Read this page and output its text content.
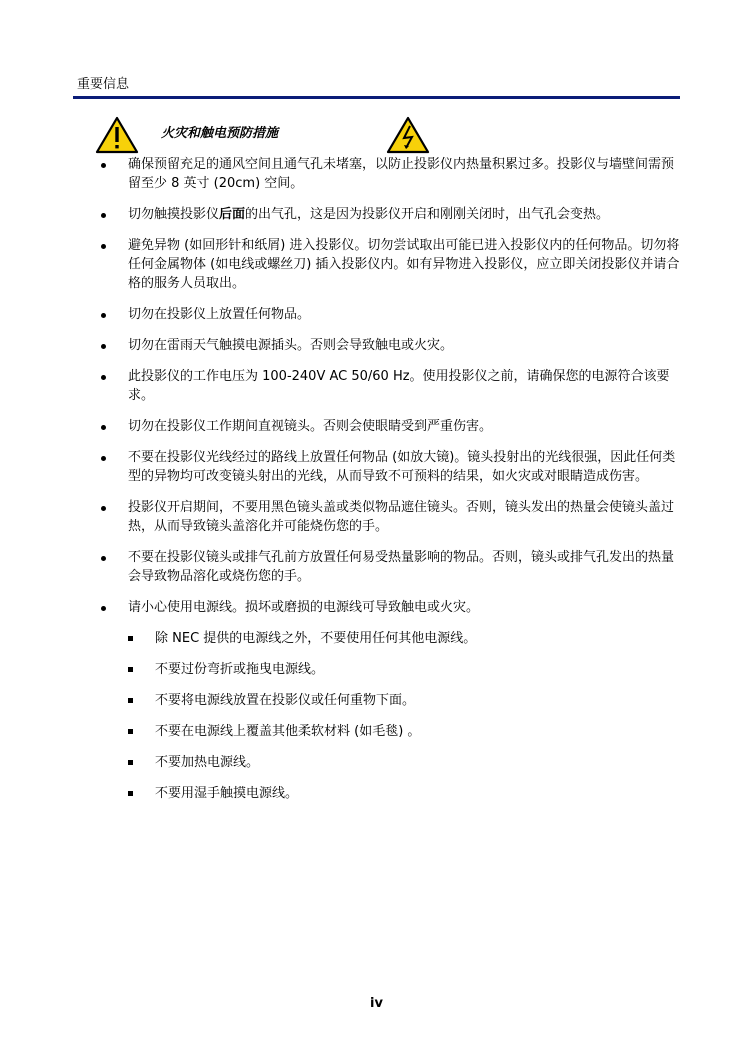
重要信息
火灾和触电预防措施
确保预留充足的通风空间且通气孔未堵塞，以防止投影仪内热量积累过多。投影仪与墙壁间需预留至少 8 英寸 (20cm) 空间。
切勿触摸投影仪后面的出气孔，这是因为投影仪开启和刚刚关闭时，出气孔会变热。
避免异物 (如回形针和纸屑) 进入投影仪。切勿尝试取出可能已进入投影仪内的任何物品。切勿将任何金属物体 (如电线或螺丝刀) 插入投影仪内。如有异物进入投影仪，应立即关闭投影仪并请合格的服务人员取出。
切勿在投影仪上放置任何物品。
切勿在雷雨天气触摸电源插头。否则会导致触电或火灾。
此投影仪的工作电压为 100-240V AC 50/60 Hz。使用投影仪之前，请确保您的电源符合该要求。
切勿在投影仪工作期间直视镜头。否则会使眼睛受到严重伤害。
不要在投影仪光线经过的路线上放置任何物品 (如放大镜)。镜头投射出的光线很强，因此任何类型的异物均可改变镜头射出的光线，从而导致不可预料的结果，如火灾或对眼睛造成伤害。
投影仪开启期间，不要用黑色镜头盖或类似物品遮住镜头。否则，镜头发出的热量会使镜头盖过热，从而导致镜头盖溶化并可能烧伤您的手。
不要在投影仪镜头或排气孔前方放置任何易受热量影响的物品。否则，镜头或排气孔发出的热量会导致物品溶化或烧伤您的手。
请小心使用电源线。损坏或磨损的电源线可导致触电或火灾。
除 NEC 提供的电源线之外，不要使用任何其他电源线。
不要过份弯折或拖曳电源线。
不要将电源线放置在投影仪或任何重物下面。
不要在电源线上覆盖其他柔软材料 (如毛毯) 。
不要加热电源线。
不要用湿手触摸电源线。
iv
